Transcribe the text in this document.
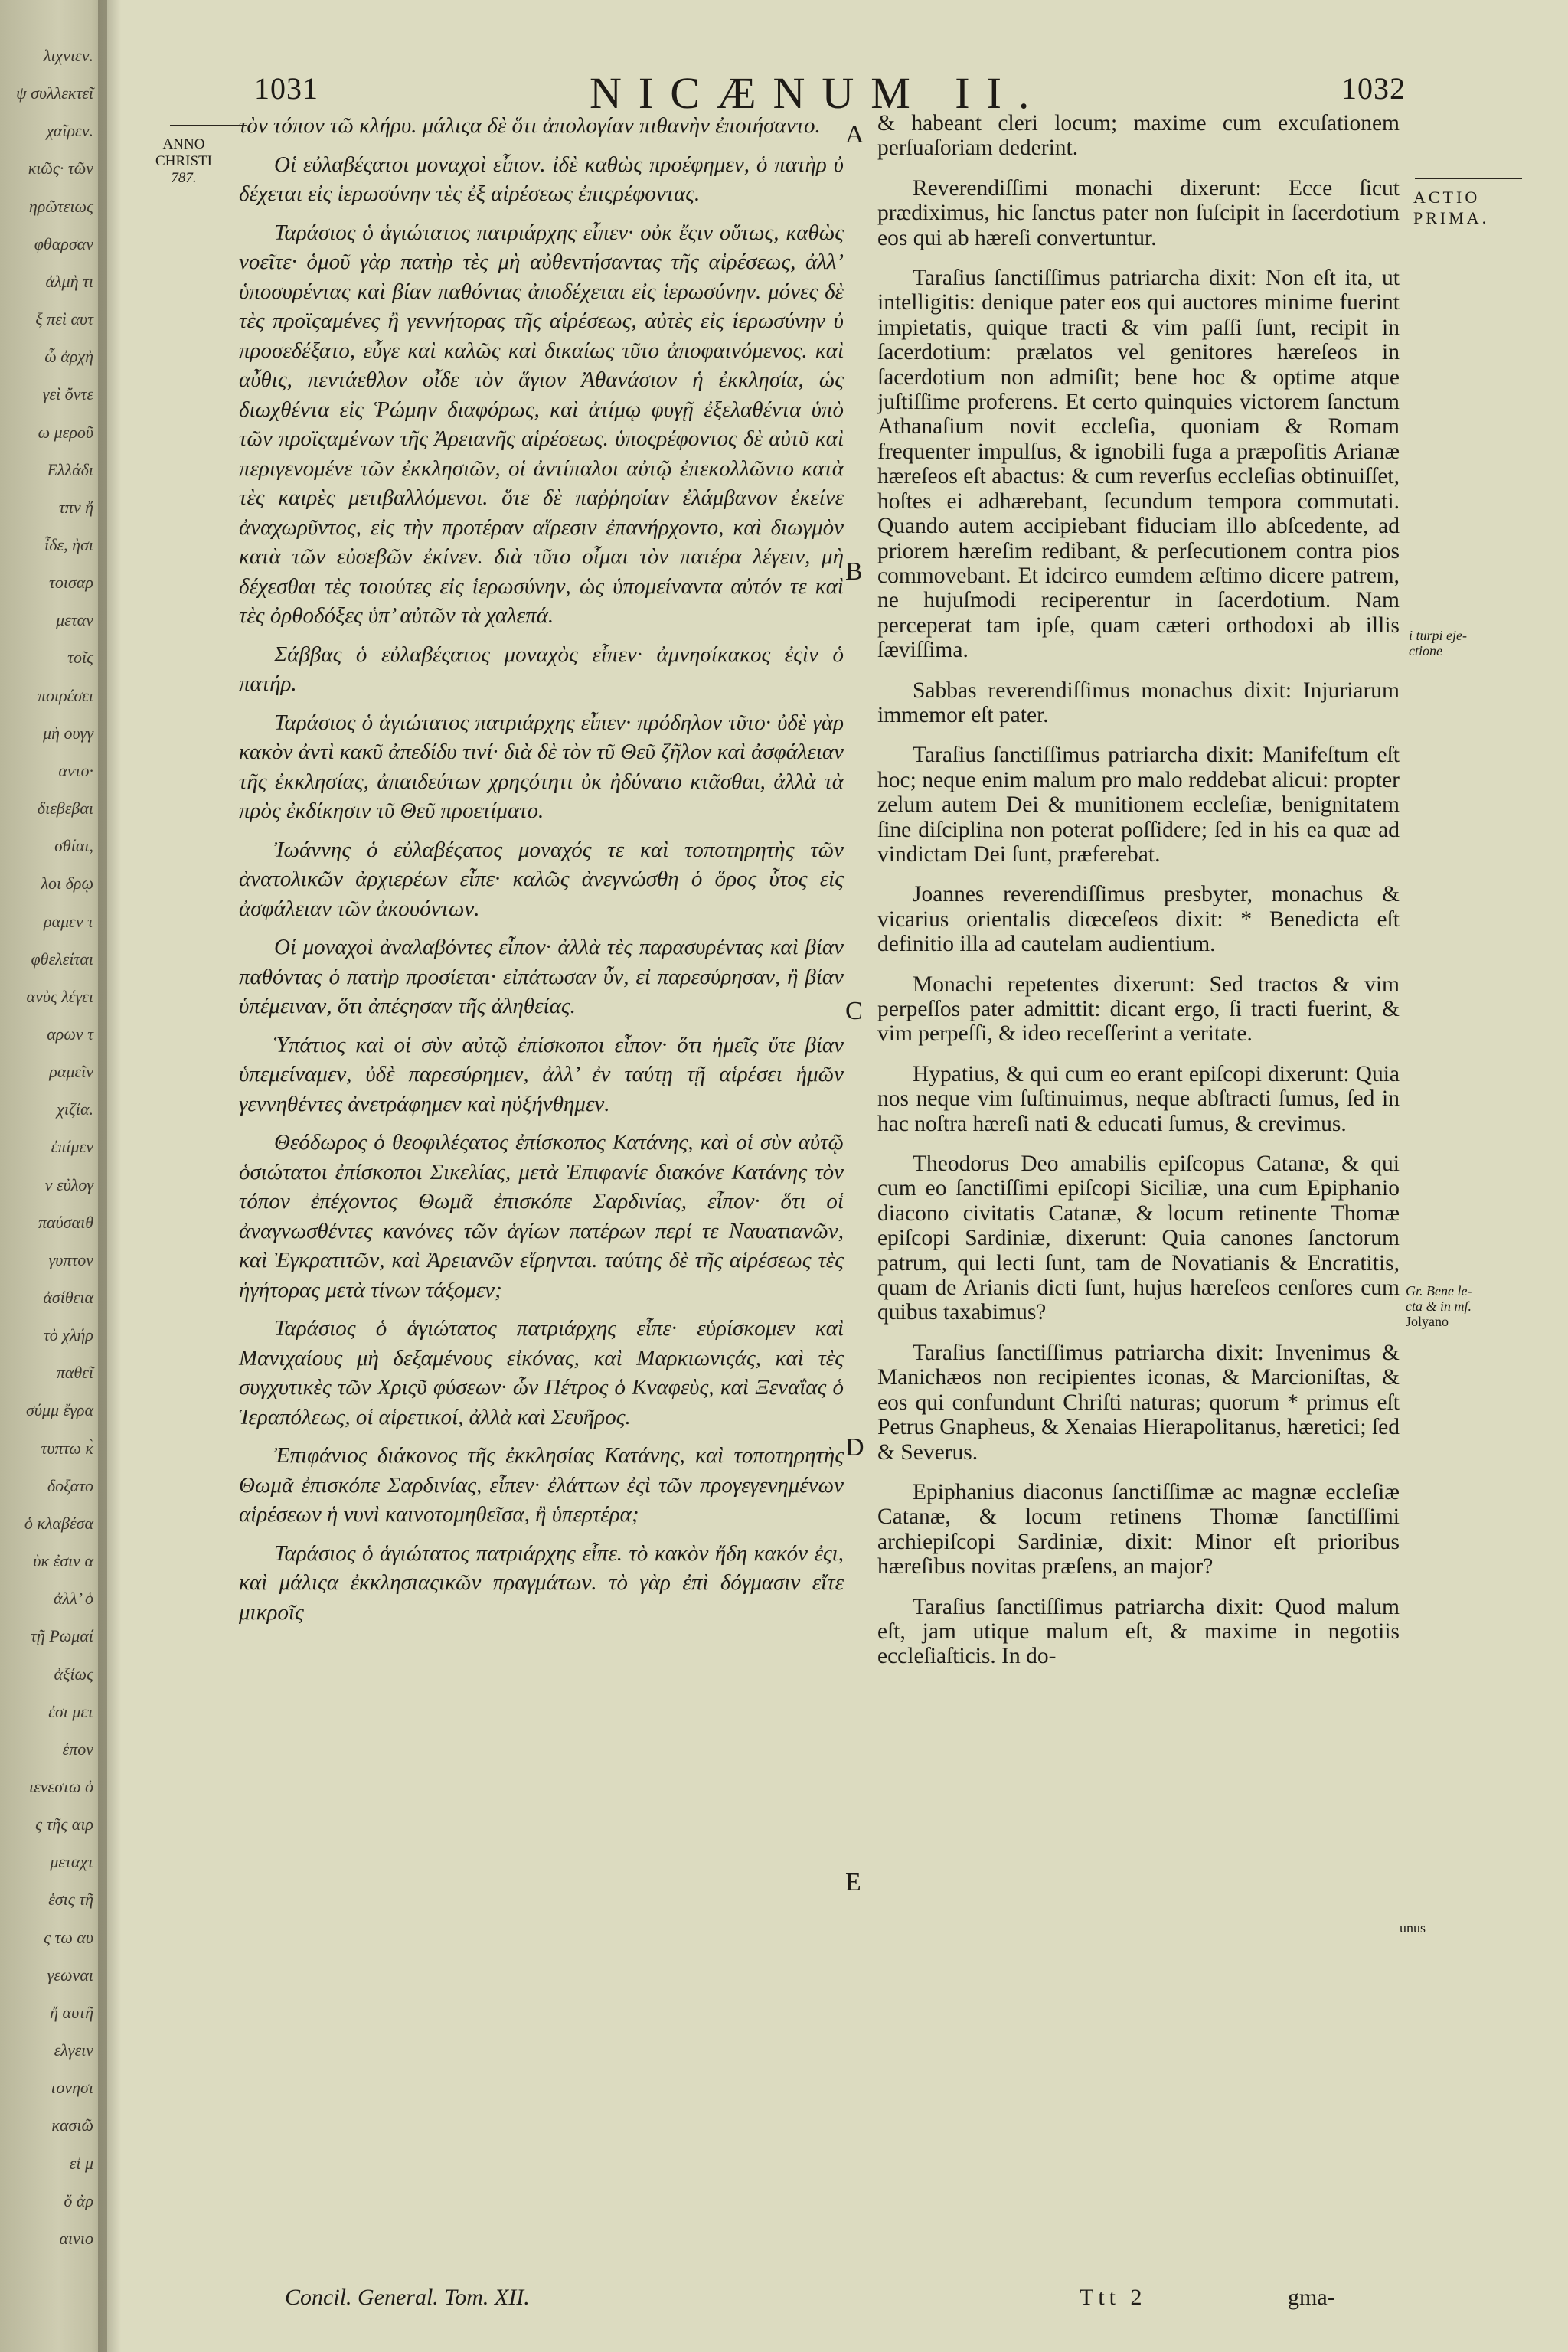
λιχνιεν.
ψ συλλεκτεῖ
χαῖρεν.
κιῶς· τῶν
ηρῶτειως
φθαρσαν
ἀλμὴ τι
ξ πεὶ αυτ
ὦ ἀρχὴ
γεὶ ὄντε
ω μεροῦ
Ελλάδι
τπν ἤ
ἶδε, ὴσι
τοισαρ
μεταν
τοῖς
ποιρέσει
μὴ ουγγ
αντο·
διεβεβαι
σθίαι,
λοι δρῳ
ραμεν τ
φθελείται
ανὺς λέγει
αρων τ
ραμεῖν
χιζία.
ἐπίμεν
ν εὐλογ
παύσαιθ
γυπτον
ἀσίθεια
τὸ χλήρ
παθεῖ
σύμμ ἔγρα
τυπτω κ̀
δοξατο
ὁ κλαβέσα
ὺκ ἐσιν α
ἀλλ’ ὁ
τῇ Ρωμαί
ἀξίως
ἐσι μετ
ἑπον
ιενεστω ὁ
ς τῆς αιρ
μεταχτ
ἑσις τῆ
ς τω αυ
γεωναι
ἤ αυτῆ
ελγειν
τονησι
κασιῶ
εἰ μ
ὄ ἀρ
αινιο
1031	NICÆNUM II.	1032
ANNO
CHRISTI
787.
ACTIO
PRIMA.
A
B
C
D
E
i turpi eje-
ctione
Gr. Bene le-
cta & in mſ.
Jolyano
unus

τὸν τόπον τῶ κλήρυ. μάλιςα δὲ ὅτι ἀπολογίαν πιθανὴν ἐποιήσαντο.

Οἱ εὐλαβέςατοι μοναχοὶ εἶπον. ἰδὲ καθὼς προέφημεν, ὁ πατὴρ ὐ δέχεται εἰς ἱερωσύνην τὲς ἐξ αἱρέσεως ἐπιςρέφοντας.

Ταράσιος ὁ ἁγιώτατος πατριάρχης εἶπεν· οὐκ ἔςιν οὕτως, καθὼς νοεῖτε· ὁμοῦ γὰρ πατὴρ τὲς μὴ αὐθεντήσαντας τῆς αἱρέσεως, ἀλλ’ ὑποσυρέντας καὶ βίαν παθόντας ἀποδέχεται εἰς ἱερωσύνην. μόνες δὲ τὲς προϊςαμένες ἢ γεννήτορας τῆς αἱρέσεως, αὐτὲς εἰς ἱερωσύνην ὐ προσεδέξατο, εὖγε καὶ καλῶς καὶ δικαίως τῦτο ἀποφαινόμενος. καὶ αὖθις, πεντάεθλον οἶδε τὸν ἅγιον Ἀθανάσιον ἡ ἐκκλησία, ὡς διωχθέντα εἰς Ῥώμην διαφόρως, καὶ ἀτίμῳ φυγῇ ἐξελαθέντα ὑπὸ τῶν προϊςαμένων τῆς Ἀρειανῆς αἱρέσεως. ὑποςρέφοντος δὲ αὐτῦ καὶ περιγενομένε τῶν ἐκκλησιῶν, οἱ ἀντίπαλοι αὐτῷ ἐπεκολλῶντο κατὰ τὲς καιρὲς μετιβαλλόμενοι. ὅτε δὲ παῤῥησίαν ἐλάμβανον ἐκείνε ἀναχωρῦντος, εἰς τὴν προτέραν αἵρεσιν ἐπανήρχοντο, καὶ διωγμὸν κατὰ τῶν εὐσεβῶν ἐκίνεν. διὰ τῦτο οἶμαι τὸν πατέρα λέγειν, μὴ δέχεσθαι τὲς τοιούτες εἰς ἱερωσύνην, ὡς ὑπομείναντα αὐτόν τε καὶ τὲς ὀρθοδόξες ὑπ’ αὐτῶν τὰ χαλεπά.

Σάββας ὁ εὐλαβέςατος μοναχὸς εἶπεν· ἀμνησίκακος ἐςὶν ὁ πατήρ.

Ταράσιος ὁ ἁγιώτατος πατριάρχης εἶπεν· πρόδηλον τῦτο· ὐδὲ γὰρ κακὸν ἀντὶ κακῦ ἀπεδίδυ τινί· διὰ δὲ τὸν τῦ Θεῦ ζῆλον καὶ ἀσφάλειαν τῆς ἐκκλησίας, ἀπαιδεύτων χρηςότητι ὐκ ἠδύνατο κτᾶσθαι, ἀλλὰ τὰ πρὸς ἐκδίκησιν τῦ Θεῦ προετίματο.

Ἰωάννης ὁ εὐλαβέςατος μοναχός τε καὶ τοποτηρητὴς τῶν ἀνατολικῶν ἀρχιερέων εἶπε· καλῶς ἀνεγνώσθη ὁ ὅρος ὗτος εἰς ἀσφάλειαν τῶν ἀκουόντων.

Οἱ μοναχοὶ ἀναλαβόντες εἶπον· ἀλλὰ τὲς παρασυρέντας καὶ βίαν παθόντας ὁ πατὴρ προσίεται· εἰπάτωσαν ὖν, εἰ παρεσύρησαν, ἢ βίαν ὑπέμειναν, ὅτι ἀπέςησαν τῆς ἀληθείας.

Ὑπάτιος καὶ οἱ σὺν αὐτῷ ἐπίσκοποι εἶπον· ὅτι ἡμεῖς ὔτε βίαν ὑπεμείναμεν, ὐδὲ παρεσύρημεν, ἀλλ’ ἐν ταύτῃ τῇ αἱρέσει ἡμῶν γεννηθέντες ἀνετράφημεν καὶ ηὐξήνθημεν.

Θεόδωρος ὁ θεοφιλέςατος ἐπίσκοπος Κατάνης, καὶ οἱ σὺν αὐτῷ ὁσιώτατοι ἐπίσκοποι Σικελίας, μετὰ Ἐπιφανίε διακόνε Κατάνης τὸν τόπον ἐπέχοντος Θωμᾶ ἐπισκόπε Σαρδινίας, εἶπον· ὅτι οἱ ἀναγνωσθέντες κανόνες τῶν ἁγίων πατέρων περί τε Ναυατιανῶν, καὶ Ἐγκρατιτῶν, καὶ Ἀρειανῶν εἴρηνται. ταύτης δὲ τῆς αἱρέσεως τὲς ἡγήτορας μετὰ τίνων τάξομεν;

Ταράσιος ὁ ἁγιώτατος πατριάρχης εἶπε· εὑρίσκομεν καὶ Μανιχαίους μὴ δεξαμένους εἰκόνας, καὶ Μαρκιωνιςάς, καὶ τὲς συγχυτικὲς τῶν Χριςῦ φύσεων· ὧν Πέτρος ὁ Κναφεὺς, καὶ Ξεναΐας ὁ Ἱεραπόλεως, οἱ αἱρετικοί, ἀλλὰ καὶ Σευῆρος.

Ἐπιφάνιος διάκονος τῆς ἐκκλησίας Κατάνης, καὶ τοποτηρητὴς Θωμᾶ ἐπισκόπε Σαρδινίας, εἶπεν· ἐλάττων ἐςὶ τῶν προγεγενημένων αἱρέσεων ἡ νυνὶ καινοτομηθεῖσα, ἢ ὑπερτέρα;

Ταράσιος ὁ ἁγιώτατος πατριάρχης εἶπε. τὸ κακὸν ἤδη κακόν ἐςι, καὶ μάλιςα ἐκκλησιαςικῶν πραγμάτων. τὸ γὰρ ἐπὶ δόγμασιν εἴτε μικροῖς

& habeant cleri locum; maxime cum excuſationem perſuaſoriam dederint.

Reverendiſſimi monachi dixerunt: Ecce ſicut prædiximus, hic ſanctus pater non ſuſcipit in ſacerdotium eos qui ab hæreſi convertuntur.

Taraſius ſanctiſſimus patriarcha dixit: Non eſt ita, ut intelligitis: denique pater eos qui auctores minime fuerint impietatis, quique tracti & vim paſſi ſunt, recipit in ſacerdotium: prælatos vel genitores hæreſeos in ſacerdotium non admiſit; bene hoc & optime atque juſtiſſime proferens. Et certo quinquies victorem ſanctum Athanaſium novit eccleſia, quoniam & Romam frequenter impulſus, & ignobili fuga a præpoſitis Arianæ hæreſeos eſt abactus: & cum reverſus eccleſias obtinuiſſet, hoſtes ei adhærebant, ſecundum tempora commutati. Quando autem accipiebant fiduciam illo abſcedente, ad priorem hæreſim redibant, & perſecutionem contra pios commovebant. Et idcirco eumdem æſtimo dicere patrem, ne hujuſmodi reciperentur in ſacerdotium. Nam perceperat tam ipſe, quam cæteri orthodoxi ab illis ſæviſſima.

Sabbas reverendiſſimus monachus dixit: Injuriarum immemor eſt pater.

Taraſius ſanctiſſimus patriarcha dixit: Manifeſtum eſt hoc; neque enim malum pro malo reddebat alicui: propter zelum autem Dei & munitionem eccleſiæ, benignitatem ſine diſciplina non poterat poſſidere; ſed in his ea quæ ad vindictam Dei ſunt, præferebat.

Joannes reverendiſſimus presbyter, monachus & vicarius orientalis diœceſeos dixit: * Benedicta eſt definitio illa ad cautelam audientium.

Monachi repetentes dixerunt: Sed tractos & vim perpeſſos pater admittit: dicant ergo, ſi tracti fuerint, & vim perpeſſi, & ideo receſſerint a veritate.

Hypatius, & qui cum eo erant epiſcopi dixerunt: Quia nos neque vim ſuſtinuimus, neque abſtracti ſumus, ſed in hac noſtra hæreſi nati & educati ſumus, & crevimus.

Theodorus Deo amabilis epiſcopus Catanæ, & qui cum eo ſanctiſſimi epiſcopi Siciliæ, una cum Epiphanio diacono civitatis Catanæ, & locum retinente Thomæ epiſcopi Sardiniæ, dixerunt: Quia canones ſanctorum patrum, qui lecti ſunt, tam de Novatianis & Encratitis, quam de Arianis dicti ſunt, hujus hæreſeos cenſores cum quibus taxabimus?

Taraſius ſanctiſſimus patriarcha dixit: Invenimus & Manichæos non recipientes iconas, & Marcioniſtas, & eos qui confundunt Chriſti naturas; quorum * primus eſt Petrus Gnapheus, & Xenaias Hierapolitanus, hæretici; ſed & Severus.

Epiphanius diaconus ſanctiſſimæ ac magnæ eccleſiæ Catanæ, & locum retinens Thomæ ſanctiſſimi archiepiſcopi Sardiniæ, dixit: Minor eſt prioribus hæreſibus novitas præſens, an major?

Taraſius ſanctiſſimus patriarcha dixit: Quod malum eſt, jam utique malum eſt, & maxime in negotiis eccleſiaſticis. In do-

Concil. General. Tom. XII.	Ttt 2	gma-
